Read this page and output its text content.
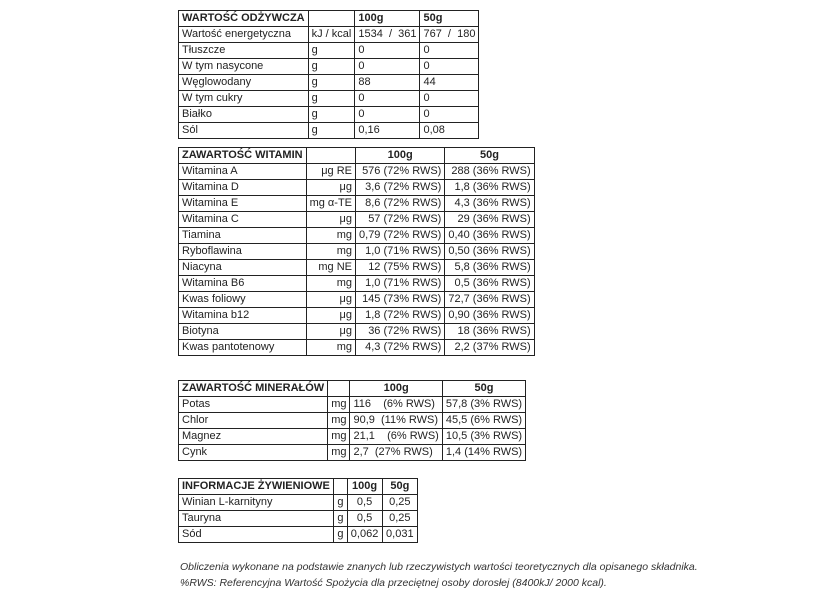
WARTOŚĆ ODŻYWCZA		100g	50g
Wartość energetyczna	kJ / kcal	1534  /  361	767  /  180
Tłuszcze	g	0	0
W tym nasycone	g	0	0
Węglowodany	g	88	44
W tym cukry	g	0	0
Białko	g	0	0
Sól	g	0,16	0,08
ZAWARTOŚĆ WITAMIN		100g	50g
Witamina A	μg RE	576 (72% RWS)	288 (36% RWS)
Witamina D	μg	3,6 (72% RWS)	1,8 (36% RWS)
Witamina E	mg α-TE	8,6 (72% RWS)	4,3 (36% RWS)
Witamina C	μg	57 (72% RWS)	29 (36% RWS)
Tiamina	mg	0,79 (72% RWS)	0,40 (36% RWS)
Ryboflawina	mg	1,0 (71% RWS)	0,50 (36% RWS)
Niacyna	mg NE	12 (75% RWS)	5,8 (36% RWS)
Witamina B6	mg	1,0 (71% RWS)	0,5 (36% RWS)
Kwas foliowy	μg	145 (73% RWS)	72,7 (36% RWS)
Witamina b12	μg	1,8 (72% RWS)	0,90 (36% RWS)
Biotyna	μg	36 (72% RWS)	18 (36% RWS)
Kwas pantotenowy	mg	4,3 (72% RWS)	2,2 (37% RWS)
ZAWARTOŚĆ MINERAŁÓW		100g	50g
Potas	mg	116    (6% RWS)	57,8 (3% RWS)
Chlor	mg	90,9  (11% RWS)	45,5 (6% RWS)
Magnez	mg	21,1    (6% RWS)	10,5 (3% RWS)
Cynk	mg	2,7  (27% RWS)	1,4 (14% RWS)
INFORMACJE ŻYWIENIOWE		100g	50g
Winian L-karnityny	g	0,5	0,25
Tauryna	g	0,5	0,25
Sód	g	0,062	0,031
Obliczenia wykonane na podstawie znanych lub rzeczywistych wartości teoretycznych dla opisanego składnika.
%RWS: Referencyjna Wartość Spożycia dla przeciętnej osoby dorosłej (8400kJ/ 2000 kcal).
